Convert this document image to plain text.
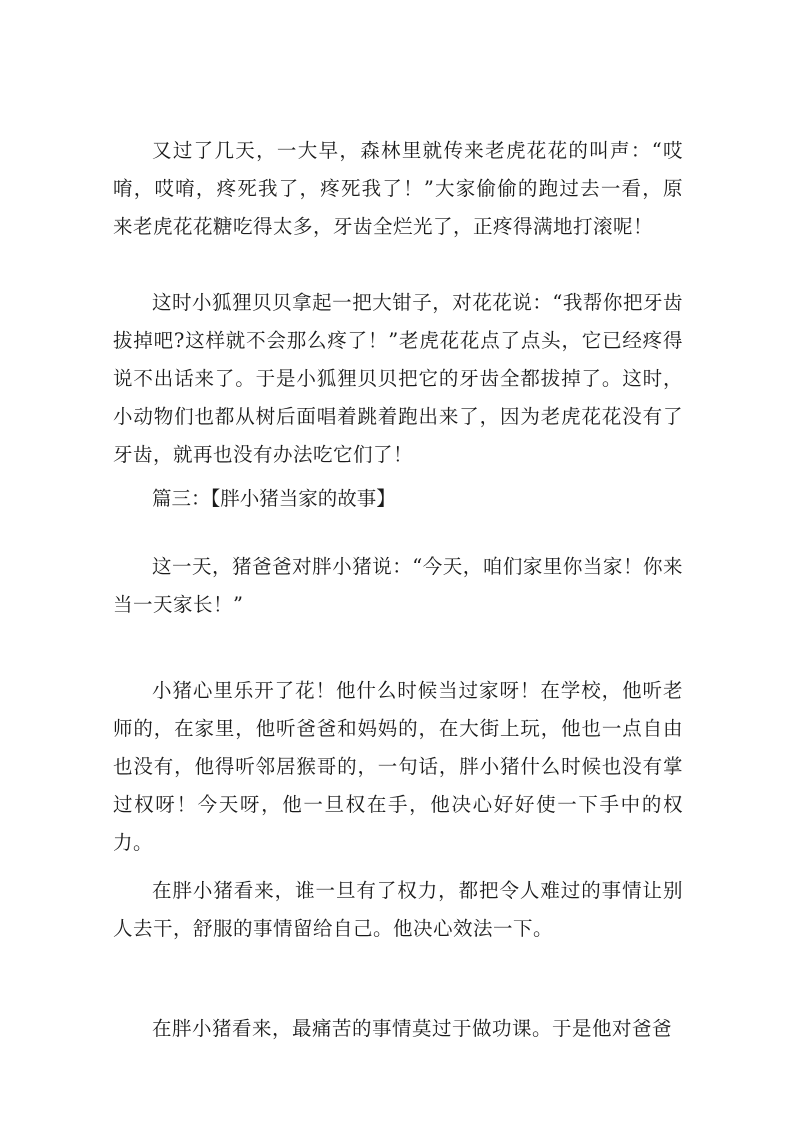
又过了几天，一大早，森林里就传来老虎花花的叫声：“哎唷，哎唷，疼死我了，疼死我了！”大家偷偷的跑过去一看，原来老虎花花糖吃得太多，牙齿全烂光了，正疼得满地打滚呢！

这时小狐狸贝贝拿起一把大钳子，对花花说：“我帮你把牙齿拔掉吧?这样就不会那么疼了！”老虎花花点了点头，它已经疼得说不出话来了。于是小狐狸贝贝把它的牙齿全都拔掉了。这时，小动物们也都从树后面唱着跳着跑出来了，因为老虎花花没有了牙齿，就再也没有办法吃它们了！

篇三：【胖小猪当家的故事】

这一天，猪爸爸对胖小猪说：“今天，咱们家里你当家！你来当一天家长！”

小猪心里乐开了花！他什么时候当过家呀！在学校，他听老师的，在家里，他听爸爸和妈妈的，在大街上玩，他也一点自由也没有，他得听邻居猴哥的，一句话，胖小猪什么时候也没有掌过权呀！今天呀，他一旦权在手，他决心好好使一下手中的权力。

在胖小猪看来，谁一旦有了权力，都把令人难过的事情让别人去干，舒服的事情留给自己。他决心效法一下。

在胖小猪看来，最痛苦的事情莫过于做功课。于是他对爸爸
